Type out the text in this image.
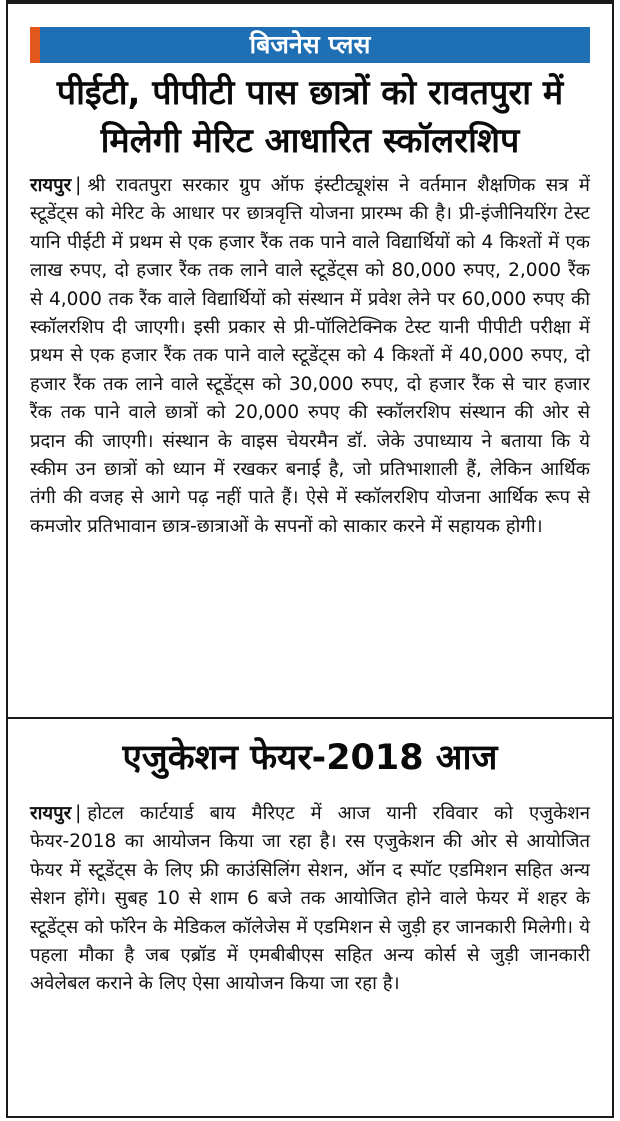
बिजनेस प्लस
पीईटी, पीपीटी पास छात्रों को रावतपुरा में
मिलेगी मेरिट आधारित स्कॉलरशिप

रायपुर | श्री रावतपुरा सरकार ग्रुप ऑफ इंस्टीट्यूशंस ने वर्तमान शैक्षणिक सत्र में स्टूडेंट्स को मेरिट के आधार पर छात्रवृत्ति योजना प्रारम्भ की है। प्री-इंजीनियरिंग टेस्ट यानि पीईटी में प्रथम से एक हजार रैंक तक पाने वाले विद्यार्थियों को 4 किश्तों में एक लाख रुपए, दो हजार रैंक तक लाने वाले स्टूडेंट्स को 80,000 रुपए, 2,000 रैंक से 4,000 तक रैंक वाले विद्यार्थियों को संस्थान में प्रवेश लेने पर 60,000 रुपए की स्कॉलरशिप दी जाएगी। इसी प्रकार से प्री-पॉलिटेक्निक टेस्ट यानी पीपीटी परीक्षा में प्रथम से एक हजार रैंक तक पाने वाले स्टूडेंट्स को 4 किश्तों में 40,000 रुपए, दो हजार रैंक तक लाने वाले स्टूडेंट्स को 30,000 रुपए, दो हजार रैंक से चार हजार रैंक तक पाने वाले छात्रों को 20,000 रुपए की स्कॉलरशिप संस्थान की ओर से प्रदान की जाएगी। संस्थान के वाइस चेयरमैन डॉ. जेके उपाध्याय ने बताया कि ये स्कीम उन छात्रों को ध्यान में रखकर बनाई है, जो प्रतिभाशाली हैं, लेकिन आर्थिक तंगी की वजह से आगे पढ़ नहीं पाते हैं। ऐसे में स्कॉलरशिप योजना आर्थिक रूप से कमजोर प्रतिभावान छात्र-छात्राओं के सपनों को साकार करने में सहायक होगी।

एजुकेशन फेयर-2018 आज

रायपुर | होटल कार्टयार्ड बाय मैरिएट में आज यानी रविवार को एजुकेशन फेयर-2018 का आयोजन किया जा रहा है। रस एजुकेशन की ओर से आयोजित फेयर में स्टूडेंट्स के लिए फ्री काउंसिलिंग सेशन, ऑन द स्पॉट एडमिशन सहित अन्य सेशन होंगे। सुबह 10 से शाम 6 बजे तक आयोजित होने वाले फेयर में शहर के स्टूडेंट्स को फॉरेन के मेडिकल कॉलेजेस में एडमिशन से जुड़ी हर जानकारी मिलेगी। ये पहला मौका है जब एब्रॉड में एमबीबीएस सहित अन्य कोर्स से जुड़ी जानकारी अवेलेबल कराने के लिए ऐसा आयोजन किया जा रहा है।
